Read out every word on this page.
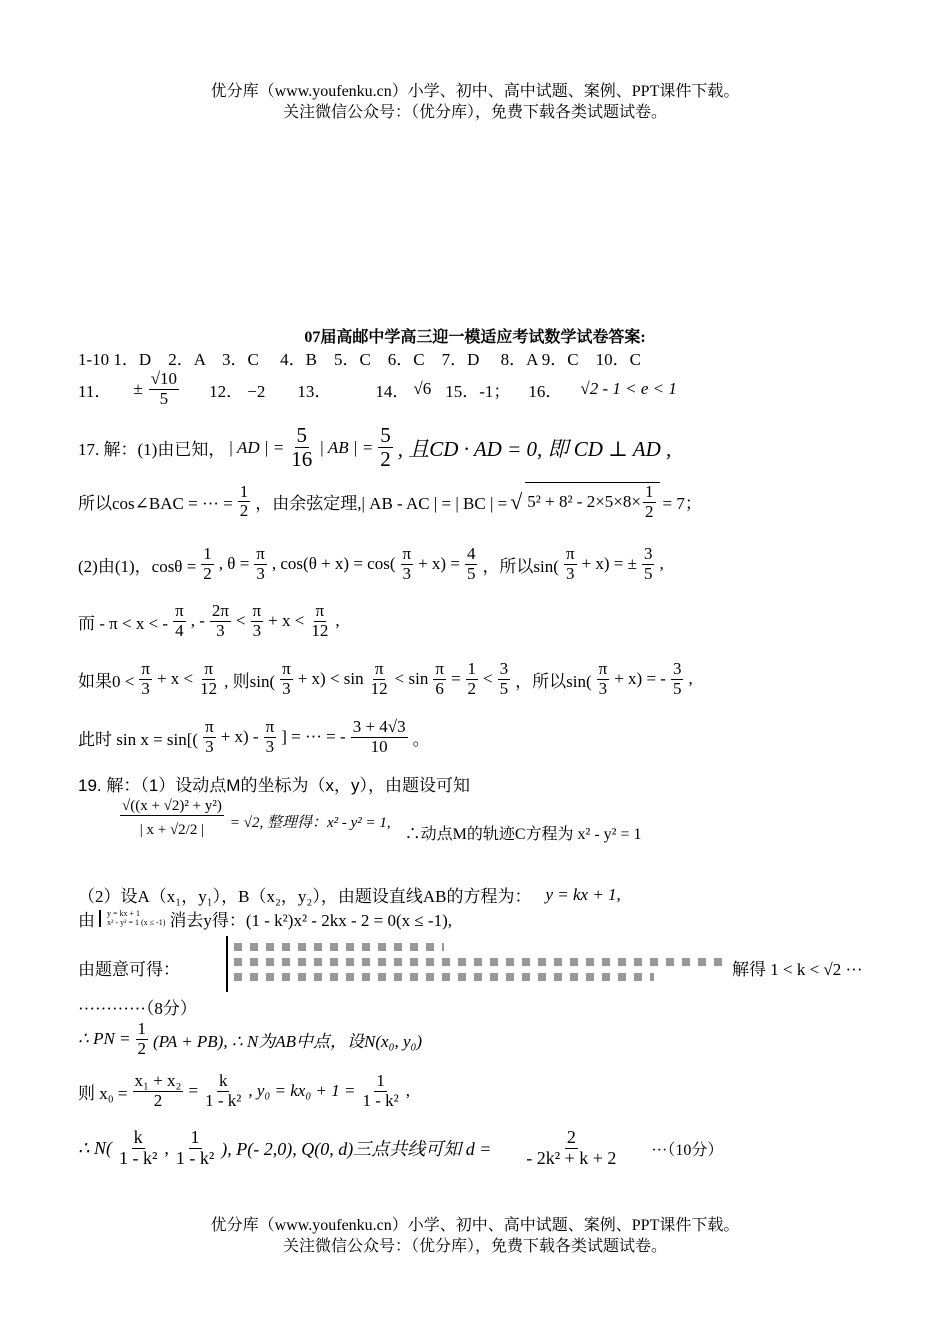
优分库（www.youfenku.cn）小学、初中、高中试题、案例、PPT课件下载。
关注微信公众号：（优分库），免费下载各类试题试卷。
07届高邮中学高三迎一模适应考试数学试卷答案:
1-10 1．D　2．A　3．C　 4．B　5．C　6．C　7．D　 8．A 9．C　10．C
11． ± $\frac{√10}{5} 12$． −2 13．	14． √6 15．-1； 16． √2 - 1 < e < 1
17. 解：(1)由已知， | AD | = $\frac{5}{16}$ | AB | = $\frac{5}{2}$ , 且CD · AD = 0, 即 CD ⊥ AD ,
所以cos∠BAC = ··· = $\frac{1}{2}$ ，由余弦定理,| AB - AC | = | BC | = √ $5^2 + 8^2 - 2\times 5\times 8\times \frac{1}{2} = 7$；
(2)由(1)，$\cos\theta = \frac{1}{2}$ , $\theta = \frac{\pi}{3}$ , $\cos(\theta + x) = \cos( \frac{\pi}{3} + x) = \frac{4}{5}$ ，所以$\sin( \frac{\pi}{3} + x)$ = ± $\frac{3}{5}$ ,
而 - π < x < - $\frac{\pi}{4}$ , - $\frac{2\pi}{3} < \frac{\pi}{3} + x < \frac{\pi}{12}$ ,
如果$0 < \frac{\pi}{3} + x < \frac{\pi}{12}$ , 则$\sin( \frac{\pi}{3} + x) < \sin \frac{\pi}{12} < \sin \frac{\pi}{6} = \frac{1}{2} < \frac{3}{5}$ ，所以$\sin( \frac{\pi}{3} + x)$ = - $\frac{3}{5}$ ,
此时 $\sin x = \sin[( \frac{\pi}{3} + x) - \frac{\pi}{3}$ ] = ··· = - $\frac{3 + 4√3}{10}$ 。
19. 解：（1）设动点M的坐标为（x，y），由题设可知
$\frac{\text{√((x + √2)² + y²)}}{| x + √2/2 |} = √2$, 整理得：x² - y² = 1,
∴动点M的轨迹C方程为 x² - y² = 1
（2）设A（x₁，y₁），B（x₂，y₂），由题设直线AB的方程为： y = kx + 1,
由 y = kx + 1
x² - y² = 1 (x ≤ -1) 消去y得：(1 - k²)x² - 2kx - 2 = 0(x ≤ -1),
由题意可得：	解得 1 < k < √2 ···
············（8分）
∴ PN = $\frac{1}{2} (PA + PB)$, ∴ N为AB中点，设N(x₀, y₀)
则 $x_0 = \frac{\text{x₁ + x₂}}{2} = \frac{k}{\text{1 - k²}}$ , $y_0 = kx_0 + 1 = \frac{1}{\text{1 - k²}}$ ,
∴ $N( \frac{k}{\text{1 - k²}}$ , $\frac{1}{\text{1 - k²}}$ ), P(- 2,0), Q(0, d)三点共线可知 $d = \frac{2}{\text{- 2k² + k + 2}} \cdot\cdot\cdot(10$分）
优分库（www.youfenku.cn）小学、初中、高中试题、案例、PPT课件下载。
关注微信公众号：（优分库），免费下载各类试题试卷。
